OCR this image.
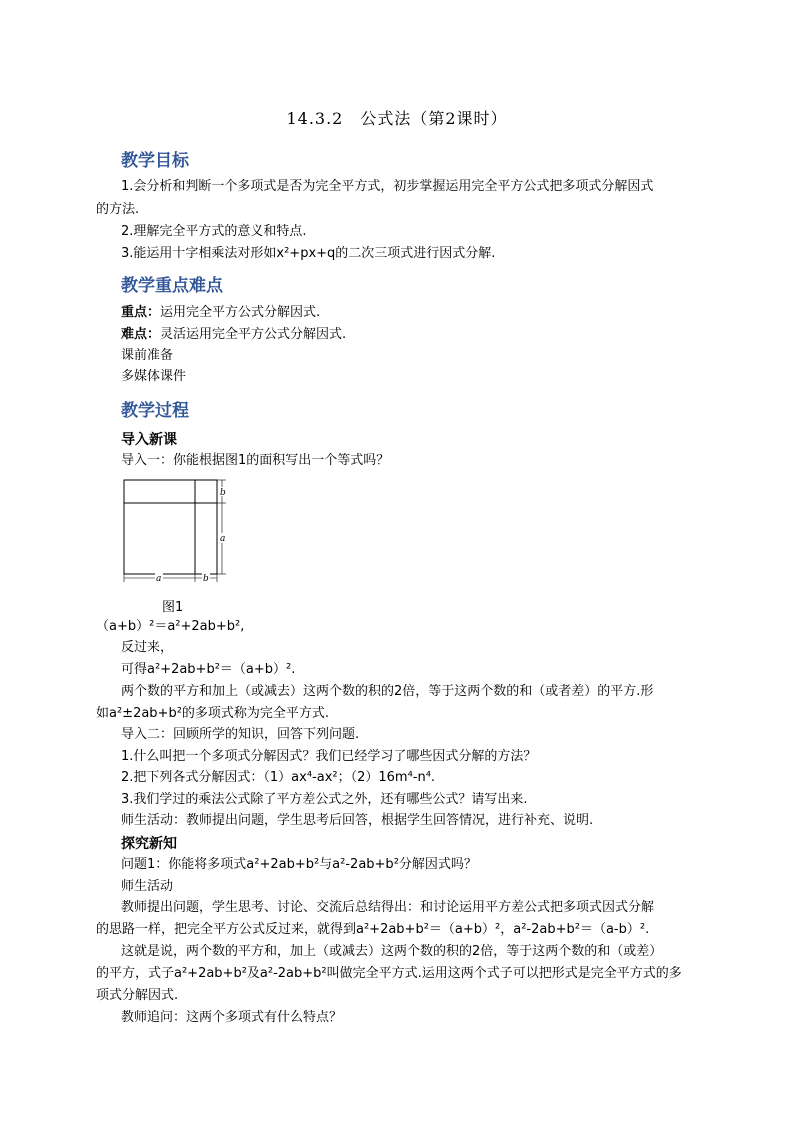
14.3.2　公式法（第2课时）
教学目标
1.会分析和判断一个多项式是否为完全平方式，初步掌握运用完全平方公式把多项式分解因式
的方法.
2.理解完全平方式的意义和特点.
3.能运用十字相乘法对形如x²+px+q的二次三项式进行因式分解.
教学重点难点
重点：运用完全平方公式分解因式.
难点：灵活运用完全平方公式分解因式.
课前准备
多媒体课件
教学过程
导入新课
导入一：你能根据图1的面积写出一个等式吗？
b
a
a	b
图1
（a+b）²＝a²+2ab+b²,
反过来，
可得a²+2ab+b²＝（a+b）².
两个数的平方和加上（或减去）这两个数的积的2倍，等于这两个数的和（或者差）的平方.形
如a²±2ab+b²的多项式称为完全平方式.
导入二：回顾所学的知识，回答下列问题.
1.什么叫把一个多项式分解因式？我们已经学习了哪些因式分解的方法？
2.把下列各式分解因式：（1）ax⁴-ax²；（2）16m⁴-n⁴.
3.我们学过的乘法公式除了平方差公式之外，还有哪些公式？请写出来.
师生活动：教师提出问题，学生思考后回答，根据学生回答情况，进行补充、说明.
探究新知
问题1：你能将多项式a²+2ab+b²与a²-2ab+b²分解因式吗？
师生活动
教师提出问题，学生思考、讨论、交流后总结得出：和讨论运用平方差公式把多项式因式分解
的思路一样，把完全平方公式反过来，就得到a²+2ab+b²＝（a+b）²，a²-2ab+b²＝（a-b）².
这就是说，两个数的平方和，加上（或减去）这两个数的积的2倍，等于这两个数的和（或差）
的平方，式子a²+2ab+b²及a²-2ab+b²叫做完全平方式.运用这两个式子可以把形式是完全平方式的多
项式分解因式.
教师追问：这两个多项式有什么特点？
